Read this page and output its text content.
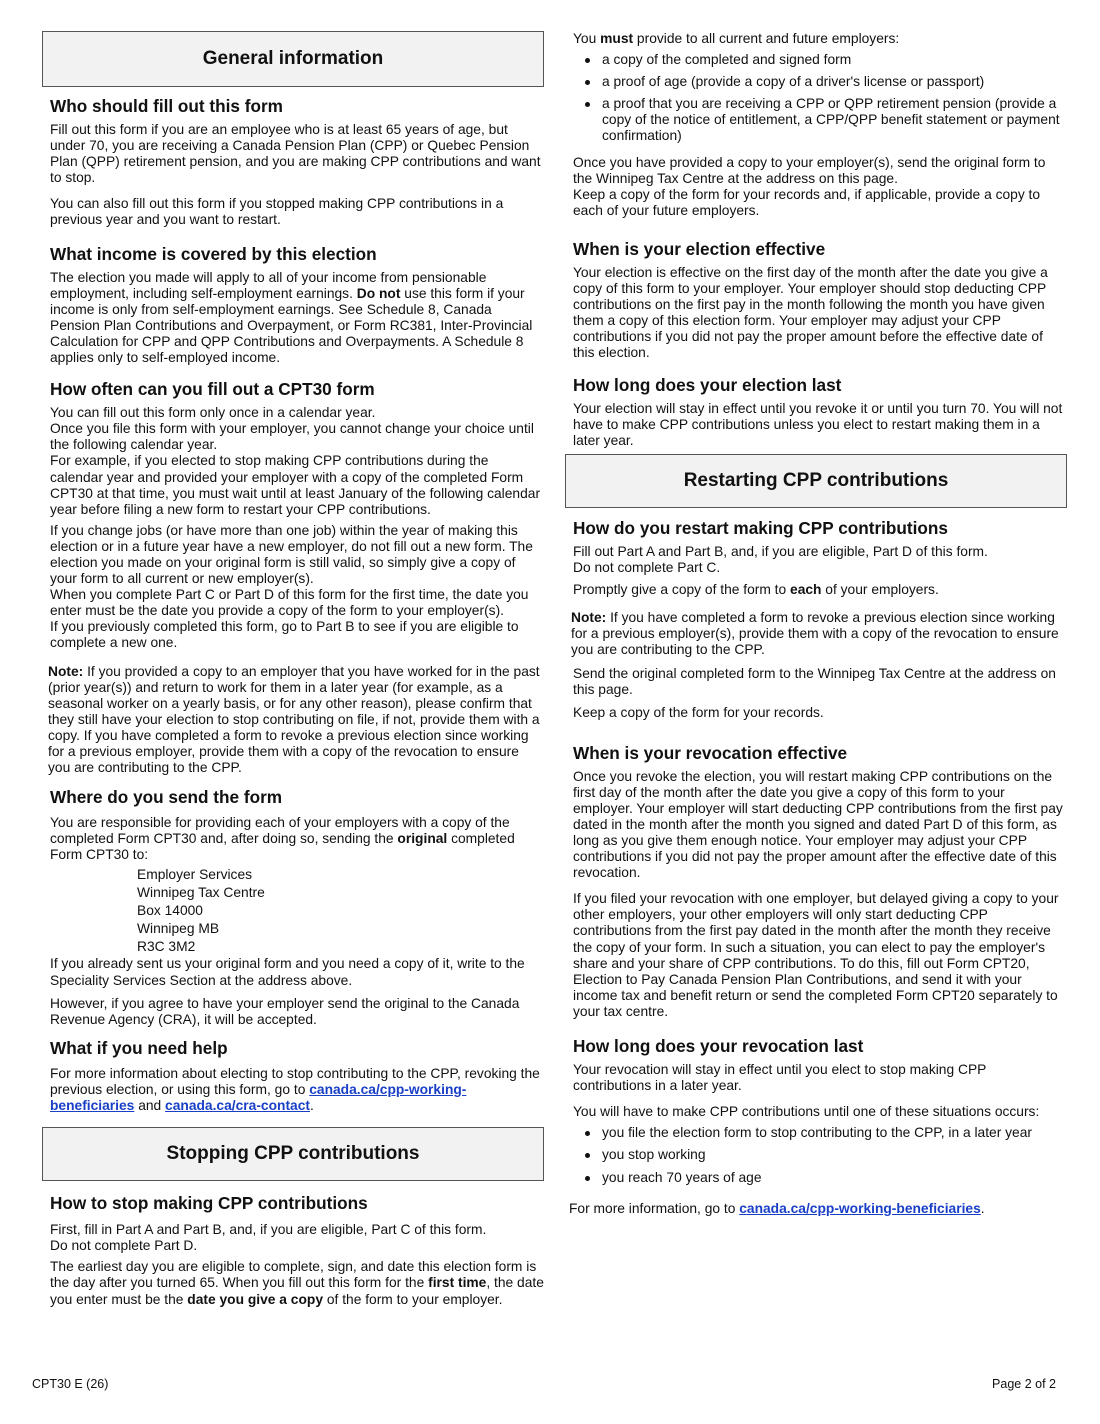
General information
Who should fill out this form

Fill out this form if you are an employee who is at least 65 years of age, but under 70, you are receiving a Canada Pension Plan (CPP) or Quebec Pension Plan (QPP) retirement pension, and you are making CPP contributions and want to stop.

You can also fill out this form if you stopped making CPP contributions in a previous year and you want to restart.

What income is covered by this election

The election you made will apply to all of your income from pensionable employment, including self-employment earnings. Do not use this form if your income is only from self-employment earnings. See Schedule 8, Canada Pension Plan Contributions and Overpayment, or Form RC381, Inter-Provincial Calculation for CPP and QPP Contributions and Overpayments. A Schedule 8 applies only to self-employed income.

How often can you fill out a CPT30 form

You can fill out this form only once in a calendar year.

Once you file this form with your employer, you cannot change your choice until the following calendar year.

For example, if you elected to stop making CPP contributions during the calendar year and provided your employer with a copy of the completed Form CPT30 at that time, you must wait until at least January of the following calendar year before filing a new form to restart your CPP contributions.

If you change jobs (or have more than one job) within the year of making this election or in a future year have a new employer, do not fill out a new form. The election you made on your original form is still valid, so simply give a copy of your form to all current or new employer(s).

When you complete Part C or Part D of this form for the first time, the date you enter must be the date you provide a copy of the form to your employer(s).

If you previously completed this form, go to Part B to see if you are eligible to complete a new one.

Note: If you provided a copy to an employer that you have worked for in the past (prior year(s)) and return to work for them in a later year (for example, as a seasonal worker on a yearly basis, or for any other reason), please confirm that they still have your election to stop contributing on file, if not, provide them with a copy. If you have completed a form to revoke a previous election since working for a previous employer, provide them with a copy of the revocation to ensure you are contributing to the CPP.

Where do you send the form

You are responsible for providing each of your employers with a copy of the completed Form CPT30 and, after doing so, sending the original completed Form CPT30 to:

Employer Services
Winnipeg Tax Centre
Box 14000
Winnipeg MB
R3C 3M2

If you already sent us your original form and you need a copy of it, write to the Speciality Services Section at the address above.

However, if you agree to have your employer send the original to the Canada Revenue Agency (CRA), it will be accepted.

What if you need help

For more information about electing to stop contributing to the CPP, revoking the previous election, or using this form, go to canada.ca/cpp-working-beneficiaries and canada.ca/cra-contact.

Stopping CPP contributions
How to stop making CPP contributions

First, fill in Part A and Part B, and, if you are eligible, Part C of this form.

Do not complete Part D.

The earliest day you are eligible to complete, sign, and date this election form is the day after you turned 65. When you fill out this form for the first time, the date you enter must be the date you give a copy of the form to your employer.

You must provide to all current and future employers:

a copy of the completed and signed form
a proof of age (provide a copy of a driver's license or passport)
a proof that you are receiving a CPP or QPP retirement pension (provide a copy of the notice of entitlement, a CPP/QPP benefit statement or payment confirmation)

Once you have provided a copy to your employer(s), send the original form to the Winnipeg Tax Centre at the address on this page.

Keep a copy of the form for your records and, if applicable, provide a copy to each of your future employers.

When is your election effective

Your election is effective on the first day of the month after the date you give a copy of this form to your employer. Your employer should stop deducting CPP contributions on the first pay in the month following the month you have given them a copy of this election form. Your employer may adjust your CPP contributions if you did not pay the proper amount before the effective date of this election.

How long does your election last

Your election will stay in effect until you revoke it or until you turn 70. You will not have to make CPP contributions unless you elect to restart making them in a later year.

Restarting CPP contributions
How do you restart making CPP contributions

Fill out Part A and Part B, and, if you are eligible, Part D of this form.

Do not complete Part C.

Promptly give a copy of the form to each of your employers.

Note: If you have completed a form to revoke a previous election since working for a previous employer(s), provide them with a copy of the revocation to ensure you are contributing to the CPP.

Send the original completed form to the Winnipeg Tax Centre at the address on this page.

Keep a copy of the form for your records.

When is your revocation effective

Once you revoke the election, you will restart making CPP contributions on the first day of the month after the date you give a copy of this form to your employer. Your employer will start deducting CPP contributions from the first pay dated in the month after the month you signed and dated Part D of this form, as long as you give them enough notice. Your employer may adjust your CPP contributions if you did not pay the proper amount after the effective date of this revocation.

If you filed your revocation with one employer, but delayed giving a copy to your other employers, your other employers will only start deducting CPP contributions from the first pay dated in the month after the month they receive the copy of your form. In such a situation, you can elect to pay the employer's share and your share of CPP contributions. To do this, fill out Form CPT20, Election to Pay Canada Pension Plan Contributions, and send it with your income tax and benefit return or send the completed Form CPT20 separately to your tax centre.

How long does your revocation last

Your revocation will stay in effect until you elect to stop making CPP contributions in a later year.

You will have to make CPP contributions until one of these situations occurs:

you file the election form to stop contributing to the CPP, in a later year
you stop working
you reach 70 years of age

For more information, go to canada.ca/cpp-working-beneficiaries.

CPT30 E (26)	Page 2 of 2
